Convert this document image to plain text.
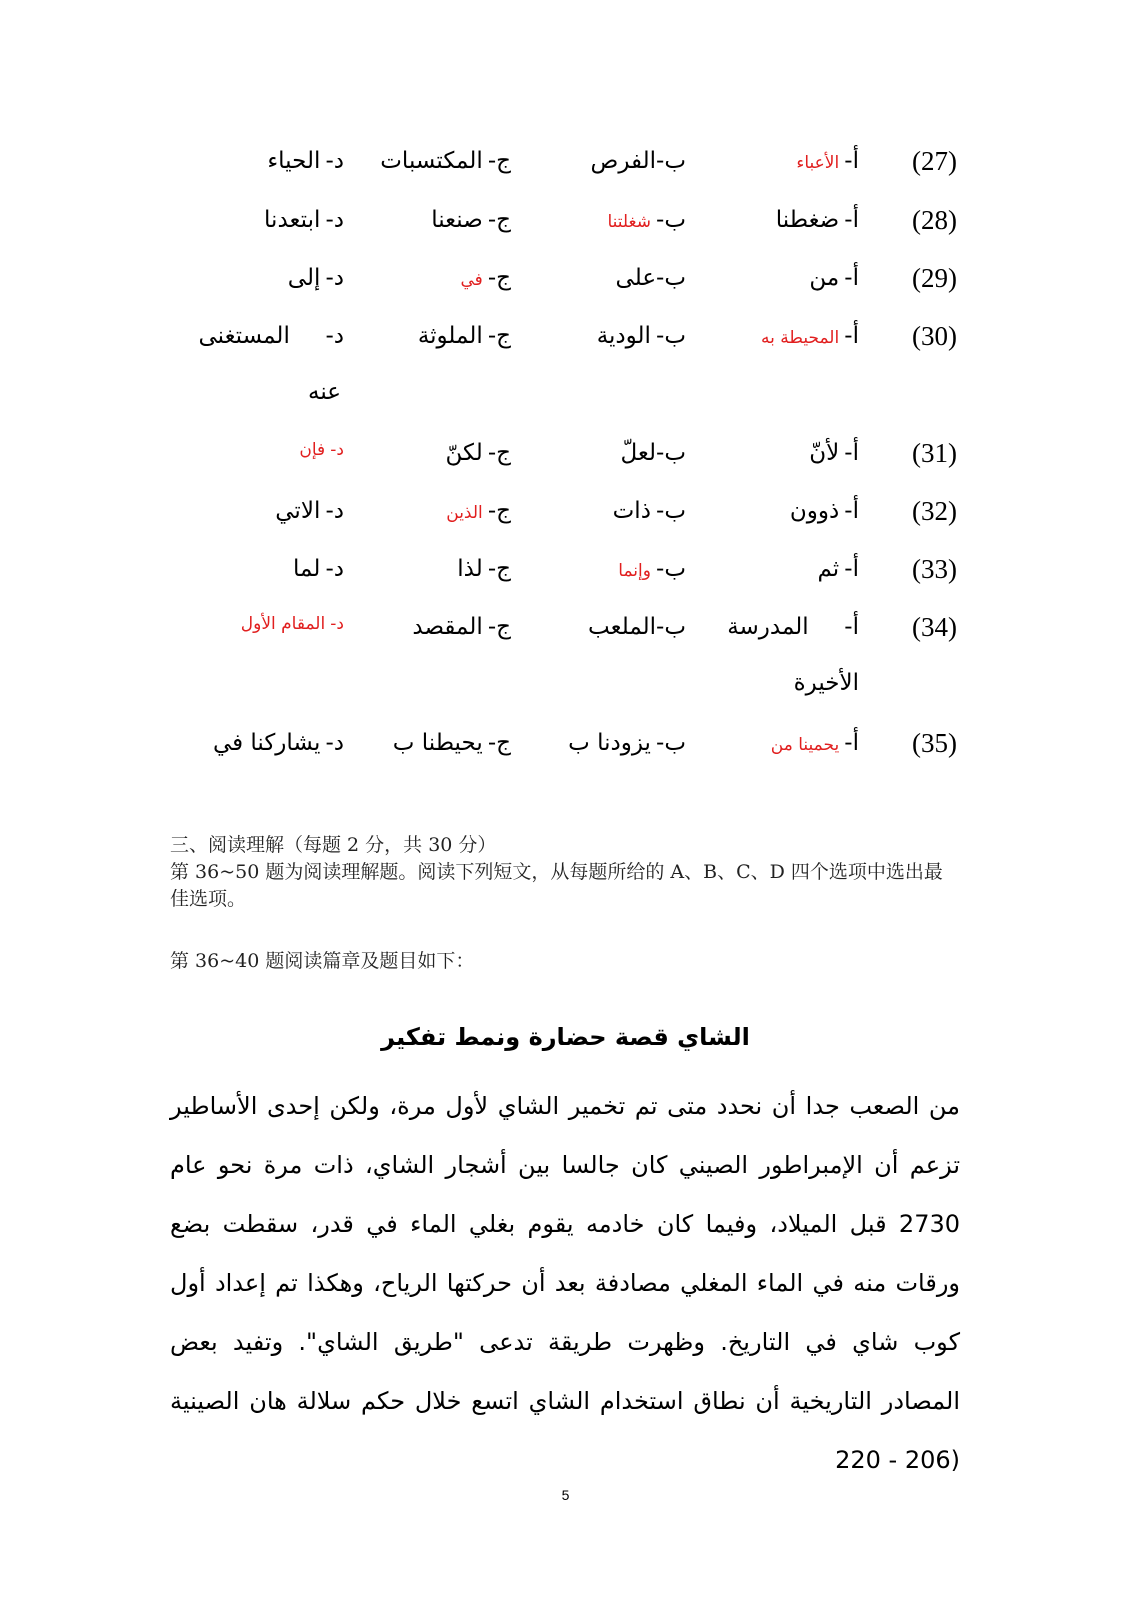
(27)
أ- الأعباء
ب-الفرص
ج- المكتسبات
د- الحياء
(28)
أ- ضغطنا
ب- شغلتنا
ج- صنعنا
د- ابتعدنا
(29)
أ- من
ب-على
ج- في
د- إلى
(30)
أ- المحيطة به
ب- الودية
ج- الملوثة
د-       المستغنى
عنه
(31)
أ- لأنّ
ب-لعلّ
ج- لكنّ
د- فإن
(32)
أ- ذوون
ب- ذات
ج- الذين
د- الاتي
(33)
أ- ثم
ب- وإنما
ج- لذا
د- لما
(34)
أ-       المدرسة
ب-الملعب
ج- المقصد
د- المقام الأول
الأخيرة
(35)
أ- يحمينا من
ب- يزودنا ب
ج- يحيطنا ب
د- يشاركنا في
三、阅读理解（每题 2 分，共 30 分）
第 36~50 题为阅读理解题。阅读下列短文，从每题所给的 A、B、C、D 四个选项中选出最佳选项。
第 36~40 题阅读篇章及题目如下：
الشاي قصة حضارة ونمط تفكير
من الصعب جدا أن نحدد متى تم تخمير الشاي لأول مرة، ولكن إحدى الأساطير تزعم أن الإمبراطور الصيني كان جالسا بين أشجار الشاي، ذات مرة نحو عام 2730 قبل الميلاد، وفيما كان خادمه يقوم بغلي الماء في قدر، سقطت بضع ورقات منه في الماء المغلي مصادفة بعد أن حركتها الرياح، وهكذا تم إعداد أول كوب شاي في التاريخ. وظهرت طريقة تدعى "طريق الشاي". وتفيد بعض المصادر التاريخية أن نطاق استخدام الشاي اتسع خلال حكم سلالة هان الصينية (206 - 220
5
